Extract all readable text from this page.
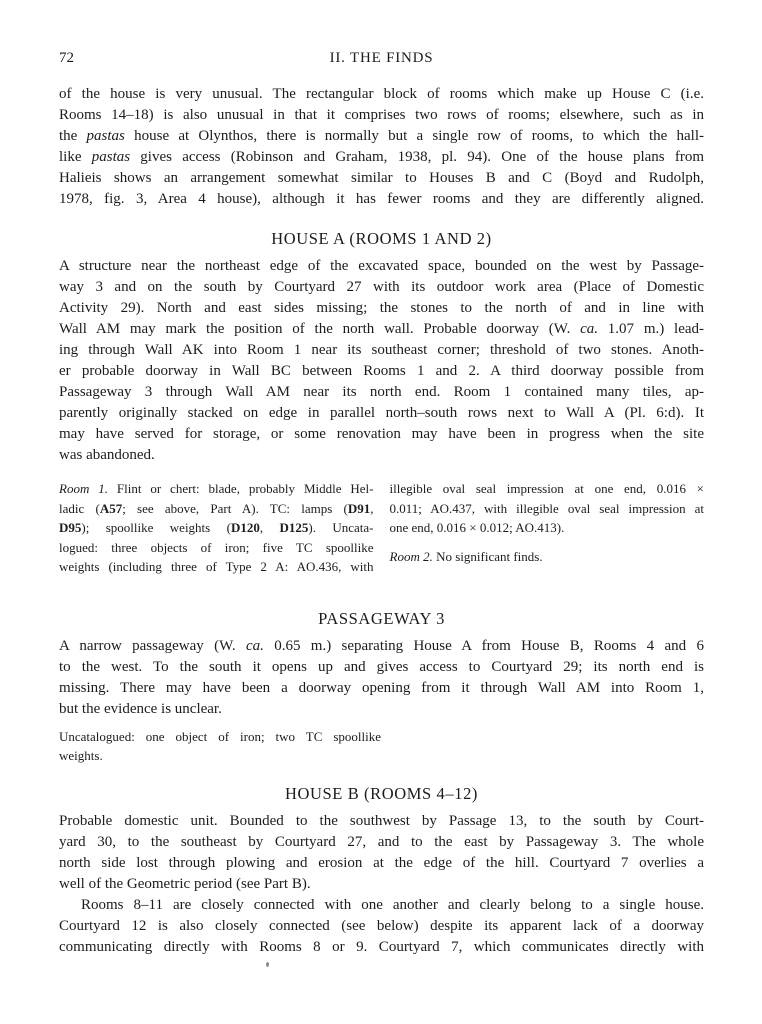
72	II. THE FINDS
of the house is very unusual. The rectangular block of rooms which make up House C (i.e.
Rooms 14–18) is also unusual in that it comprises two rows of rooms; elsewhere, such as in
the pastas house at Olynthos, there is normally but a single row of rooms, to which the hall-
like pastas gives access (Robinson and Graham, 1938, pl. 94). One of the house plans from
Halieis shows an arrangement somewhat similar to Houses B and C (Boyd and Rudolph,
1978, fig. 3, Area 4 house), although it has fewer rooms and they are differently aligned.
HOUSE A (ROOMS 1 AND 2)
A structure near the northeast edge of the excavated space, bounded on the west by Passage-
way 3 and on the south by Courtyard 27 with its outdoor work area (Place of Domestic
Activity 29). North and east sides missing; the stones to the north of and in line with
Wall AM may mark the position of the north wall. Probable doorway (W. ca. 1.07 m.) lead-
ing through Wall AK into Room 1 near its southeast corner; threshold of two stones. Anoth-
er probable doorway in Wall BC between Rooms 1 and 2. A third doorway possible from
Passageway 3 through Wall AM near its north end. Room 1 contained many tiles, ap-
parently originally stacked on edge in parallel north–south rows next to Wall A (Pl. 6:d). It
may have served for storage, or some renovation may have been in progress when the site
was abandoned.
Room 1. Flint or chert: blade, probably Middle Hel-
ladic (A57; see above, Part A). TC: lamps (D91,
D95); spoollike weights (D120, D125). Uncata-
logued: three objects of iron; five TC spoollike
weights (including three of Type 2 A: AO.436, with
illegible oval seal impression at one end, 0.016 ×
0.011; AO.437, with illegible oval seal impression at
one end, 0.016 × 0.012; AO.413).
Room 2. No significant finds.
PASSAGEWAY 3
A narrow passageway (W. ca. 0.65 m.) separating House A from House B, Rooms 4 and 6
to the west. To the south it opens up and gives access to Courtyard 29; its north end is
missing. There may have been a doorway opening from it through Wall AM into Room 1,
but the evidence is unclear.
Uncatalogued: one object of iron; two TC spoollike
weights.
HOUSE B (ROOMS 4–12)
Probable domestic unit. Bounded to the southwest by Passage 13, to the south by Court-
yard 30, to the southeast by Courtyard 27, and to the east by Passageway 3. The whole
north side lost through plowing and erosion at the edge of the hill. Courtyard 7 overlies a
well of the Geometric period (see Part B).
Rooms 8–11 are closely connected with one another and clearly belong to a single house.
Courtyard 12 is also closely connected (see below) despite its apparent lack of a doorway
communicating directly with Rooms 8 or 9. Courtyard 7, which communicates directly with
